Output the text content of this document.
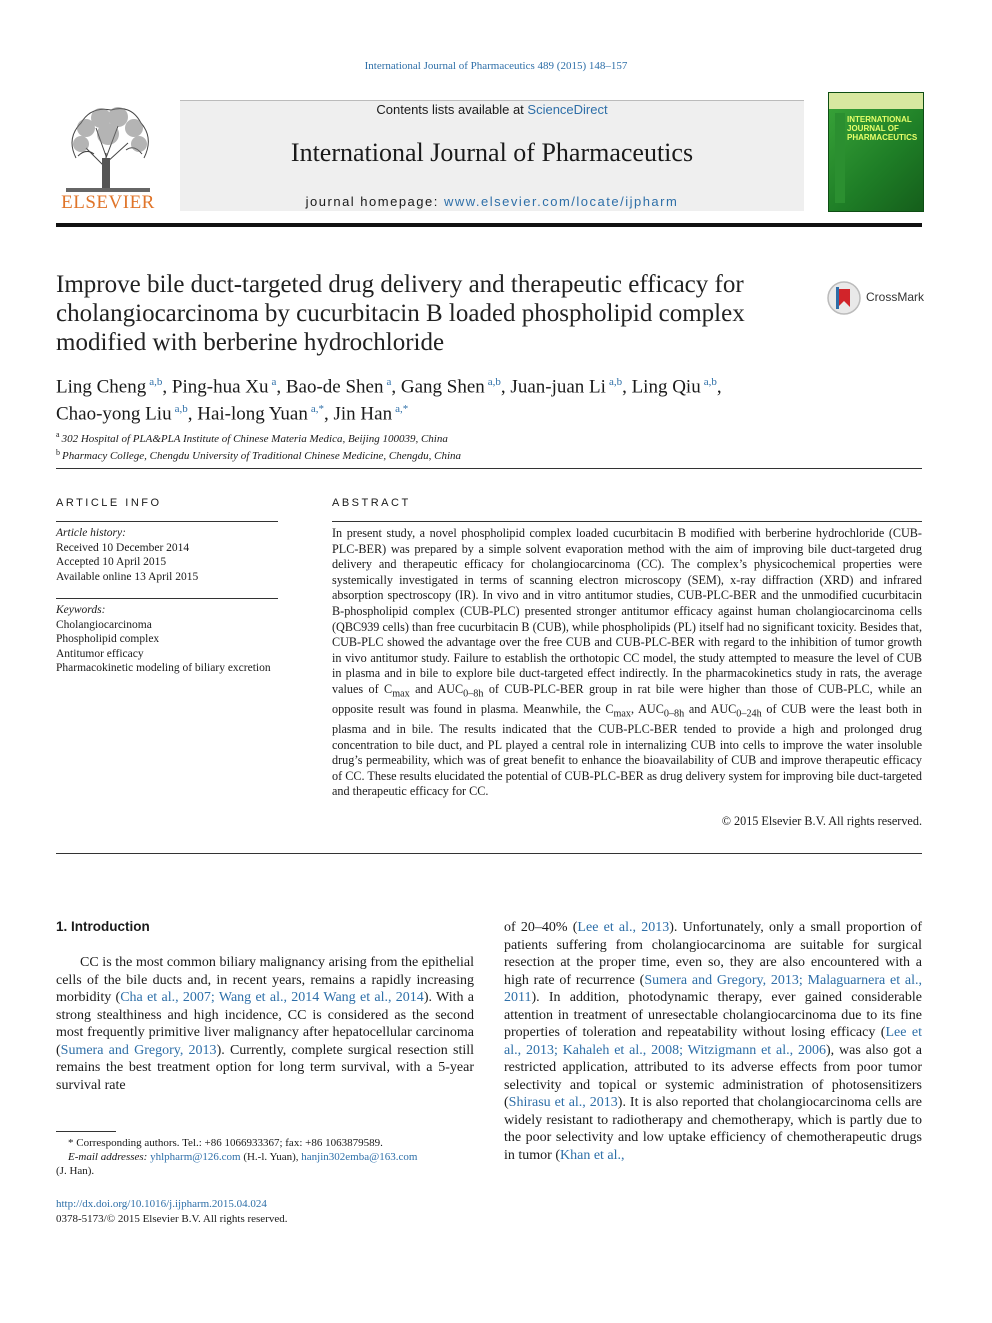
International Journal of Pharmaceutics 489 (2015) 148–157
ELSEVIER
Contents lists available at ScienceDirect
International Journal of Pharmaceutics
journal homepage: www.elsevier.com/locate/ijpharm
INTERNATIONAL JOURNAL OF PHARMACEUTICS
Improve bile duct-targeted drug delivery and therapeutic efficacy for cholangiocarcinoma by cucurbitacin B loaded phospholipid complex modified with berberine hydrochloride
CrossMark
Ling Cheng $^{a,b}$, Ping-hua Xu $^a$, Bao-de Shen $^a$, Gang Shen $^{a,b}$, Juan-juan Li $^{a,b}$, Ling Qiu $^{a,b}$,
Chao-yong Liu $^{a,b}$, Hai-long Yuan $^{a,*}$, Jin Han $^{a,*}$
$^a$ 302 Hospital of PLA&PLA Institute of Chinese Materia Medica, Beijing 100039, China
$^b$ Pharmacy College, Chengdu University of Traditional Chinese Medicine, Chengdu, China
ARTICLE INFO
Article history:
Received 10 December 2014
Accepted 10 April 2015
Available online 13 April 2015
Keywords:
Cholangiocarcinoma
Phospholipid complex
Antitumor efficacy
Pharmacokinetic modeling of biliary excretion
ABSTRACT
In present study, a novel phospholipid complex loaded cucurbitacin B modified with berberine hydrochloride (CUB-PLC-BER) was prepared by a simple solvent evaporation method with the aim of improving bile duct-targeted drug delivery and therapeutic efficacy for cholangiocarcinoma (CC). The complex’s physicochemical properties were systemically investigated in terms of scanning electron microscopy (SEM), x-ray diffraction (XRD) and infrared absorption spectroscopy (IR). In vivo and in vitro antitumor studies, CUB-PLC-BER and the unmodified cucurbitacin B-phospholipid complex (CUB-PLC) presented stronger antitumor efficacy against human cholangiocarcinoma cells (QBC939 cells) than free cucurbitacin B (CUB), while phospholipids (PL) itself had no significant toxicity. Besides that, CUB-PLC showed the advantage over the free CUB and CUB-PLC-BER with regard to the inhibition of tumor growth in vivo antitumor study. Failure to establish the orthotopic CC model, the study attempted to measure the level of CUB in plasma and in bile to explore bile duct-targeted effect indirectly. In the pharmacokinetics study in rats, the average values of $C_{max}$ and $AUC_{0-8h}$ of CUB-PLC-BER group in rat bile were higher than those of CUB-PLC, while an opposite result was found in plasma. Meanwhile, the $C_{max}$, $AUC_{0-8h}$ and $AUC_{0-24h}$ of CUB were the least both in plasma and in bile. The results indicated that the CUB-PLC-BER tended to provide a high and prolonged drug concentration to bile duct, and PL played a central role in internalizing CUB into cells to improve the water insoluble drug’s permeability, which was of great benefit to enhance the bioavailability of CUB and improve therapeutic efficacy of CC. These results elucidated the potential of CUB-PLC-BER as drug delivery system for improving bile duct-targeted and therapeutic efficacy for CC.
© 2015 Elsevier B.V. All rights reserved.
1. Introduction
CC is the most common biliary malignancy arising from the epithelial cells of the bile ducts and, in recent years, remains a rapidly increasing morbidity (Cha et al., 2007; Wang et al., 2014 Wang et al., 2014). With a strong stealthiness and high incidence, CC is considered as the second most frequently primitive liver malignancy after hepatocellular carcinoma (Sumera and Gregory, 2013). Currently, complete surgical resection still remains the best treatment option for long term survival, with a 5-year survival rate
of 20–40% (Lee et al., 2013). Unfortunately, only a small proportion of patients suffering from cholangiocarcinoma are suitable for surgical resection at the proper time, even so, they are also encountered with a high rate of recurrence (Sumera and Gregory, 2013; Malaguarnera et al., 2011). In addition, photodynamic therapy, ever gained considerable attention in treatment of unresectable cholangiocarcinoma due to its fine properties of toleration and repeatability without losing efficacy (Lee et al., 2013; Kahaleh et al., 2008; Witzigmann et al., 2006), was also got a restricted application, attributed to its adverse effects from poor tumor selectivity and topical or systemic administration of photosensitizers (Shirasu et al., 2013). It is also reported that cholangiocarcinoma cells are widely resistant to radiotherapy and chemotherapy, which is partly due to the poor selectivity and low uptake efficiency of chemotherapeutic drugs in tumor (Khan et al.,
* Corresponding authors. Tel.: +86 1066933367; fax: +86 1063879589.
E-mail addresses: yhlpharm@126.com (H.-l. Yuan), hanjin302emba@163.com
(J. Han).
http://dx.doi.org/10.1016/j.ijpharm.2015.04.024
0378-5173/© 2015 Elsevier B.V. All rights reserved.
